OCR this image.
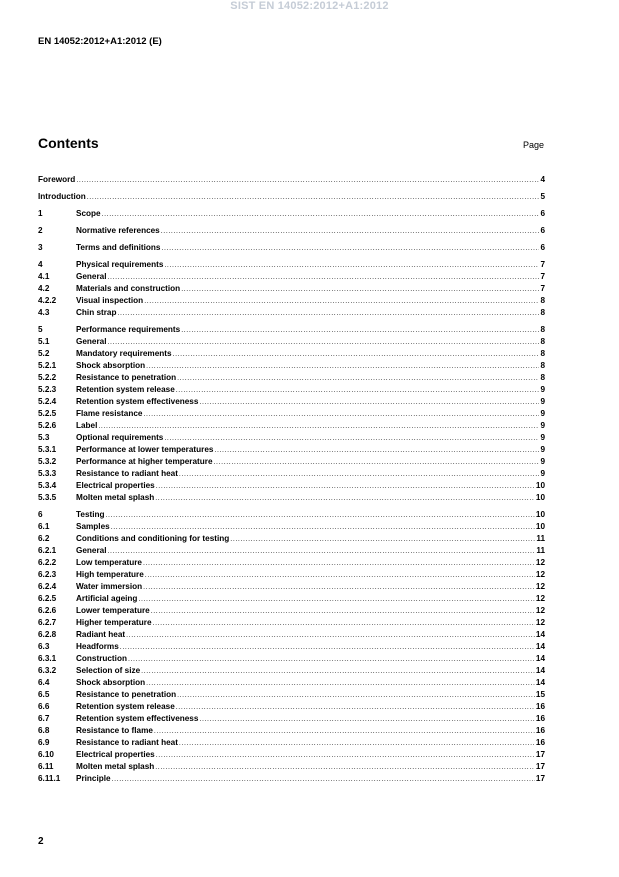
SIST EN 14052:2012+A1:2012
EN 14052:2012+A1:2012 (E)
Contents	Page
Foreword .....	4
Introduction .....	5
1	Scope .....	6
2	Normative references .....	6
3	Terms and definitions .....	6
4	Physical requirements .....	7
4.1	General .....	7
4.2	Materials and construction .....	7
4.2.2	Visual inspection .....	8
4.3	Chin strap .....	8
5	Performance requirements .....	8
5.1	General .....	8
5.2	Mandatory requirements .....	8
5.2.1	Shock absorption .....	8
5.2.2	Resistance to penetration .....	8
5.2.3	Retention system release .....	9
5.2.4	Retention system effectiveness .....	9
5.2.5	Flame resistance .....	9
5.2.6	Label .....	9
5.3	Optional requirements .....	9
5.3.1	Performance at lower temperatures .....	9
5.3.2	Performance at higher temperature .....	9
5.3.3	Resistance to radiant heat .....	9
5.3.4	Electrical properties .....	10
5.3.5	Molten metal splash .....	10
6	Testing .....	10
6.1	Samples .....	10
6.2	Conditions and conditioning for testing .....	11
6.2.1	General .....	11
6.2.2	Low temperature .....	12
6.2.3	High temperature .....	12
6.2.4	Water immersion .....	12
6.2.5	Artificial ageing .....	12
6.2.6	Lower temperature .....	12
6.2.7	Higher temperature .....	12
6.2.8	Radiant heat .....	14
6.3	Headforms .....	14
6.3.1	Construction .....	14
6.3.2	Selection of size .....	14
6.4	Shock absorption .....	14
6.5	Resistance to penetration .....	15
6.6	Retention system release .....	16
6.7	Retention system effectiveness .....	16
6.8	Resistance to flame .....	16
6.9	Resistance to radiant heat .....	16
6.10	Electrical properties .....	17
6.11	Molten metal splash .....	17
6.11.1	Principle .....	17
2
